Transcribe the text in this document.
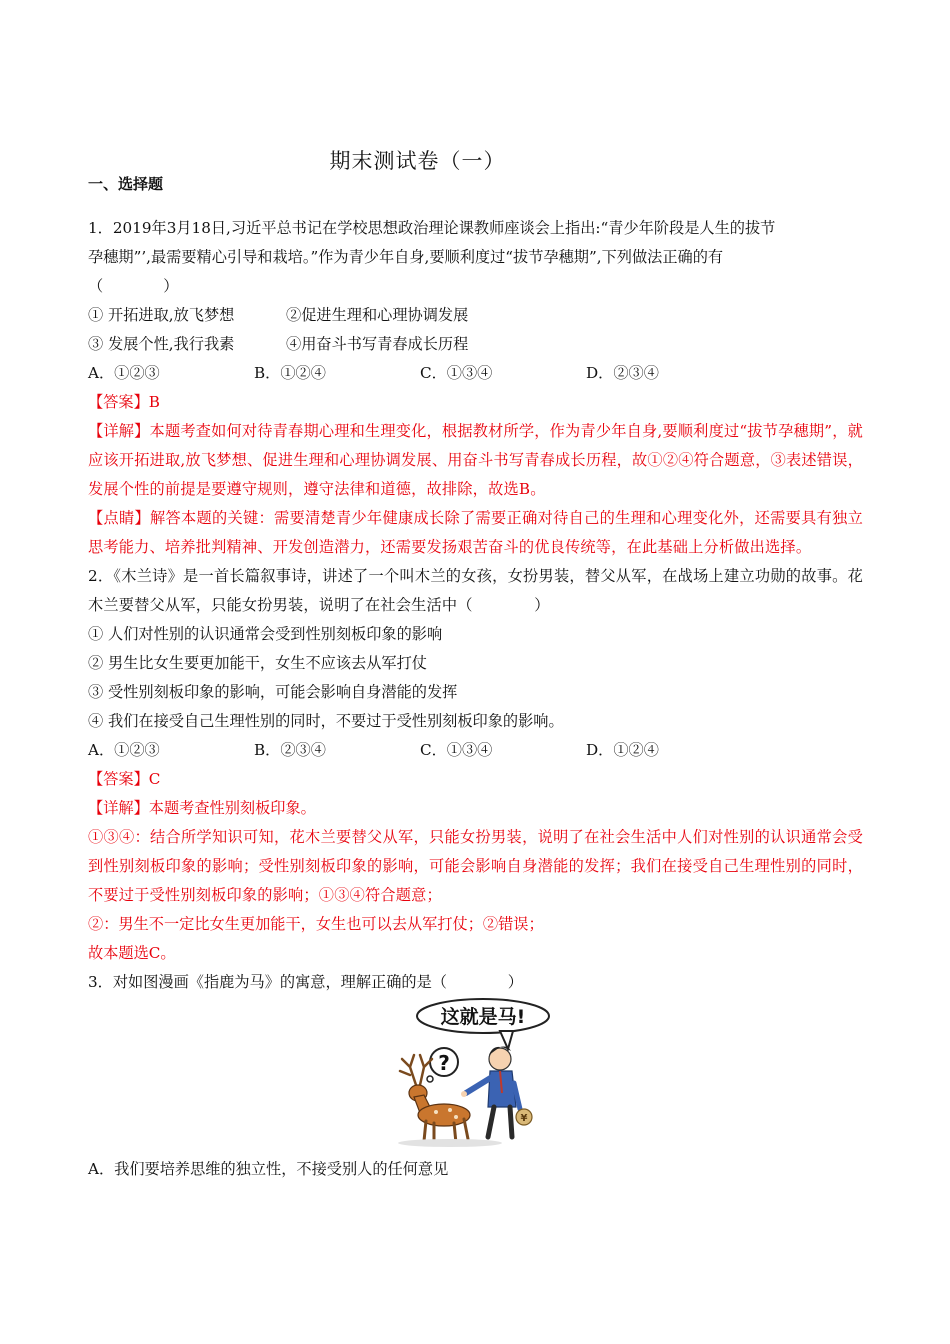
期末测试卷（一）
一、选择题
1．2019年3月18日,习近平总书记在学校思想政治理论课教师座谈会上指出:“青少年阶段是人生的拔节
孕穗期”’,最需要精心引导和栽培。”作为青少年自身,要顺利度过“拔节孕穗期”,下列做法正确的有
（	）
① 开拓进取,放飞梦想	②促进生理和心理协调发展
③ 发展个性,我行我素	④用奋斗书写青春成长历程
A．①②③	B．①②④	C．①③④	D．②③④
【答案】B
【详解】本题考查如何对待青春期心理和生理变化，根据教材所学，作为青少年自身,要顺利度过“拔节孕穗期”，就应该开拓进取,放飞梦想、促进生理和心理协调发展、用奋斗书写青春成长历程，故①②④符合题意，③表述错误，发展个性的前提是要遵守规则，遵守法律和道德，故排除，故选B。
【点睛】解答本题的关键：需要清楚青少年健康成长除了需要正确对待自己的生理和心理变化外，还需要具有独立思考能力、培养批判精神、开发创造潜力，还需要发扬艰苦奋斗的优良传统等，在此基础上分析做出选择。
2．《木兰诗》是一首长篇叙事诗，讲述了一个叫木兰的女孩，女扮男装，替父从军，在战场上建立功勋的故事。花木兰要替父从军，只能女扮男装，说明了在社会生活中（　　　　）
① 人们对性别的认识通常会受到性别刻板印象的影响
② 男生比女生要更加能干，女生不应该去从军打仗
③ 受性别刻板印象的影响，可能会影响自身潜能的发挥
④ 我们在接受自己生理性别的同时，不要过于受性别刻板印象的影响。
A．①②③	B．②③④	C．①③④	D．①②④
【答案】C
【详解】本题考查性别刻板印象。
①③④：结合所学知识可知，花木兰要替父从军，只能女扮男装，说明了在社会生活中人们对性别的认识通常会受到性别刻板印象的影响；受性别刻板印象的影响，可能会影响自身潜能的发挥；我们在接受自己生理性别的同时，不要过于受性别刻板印象的影响；①③④符合题意；
②：男生不一定比女生更加能干，女生也可以去从军打仗；②错误；
故本题选C。
3．对如图漫画《指鹿为马》的寓意，理解正确的是（　　　　）
这就是马!
?
¥
A．我们要培养思维的独立性，不接受别人的任何意见
